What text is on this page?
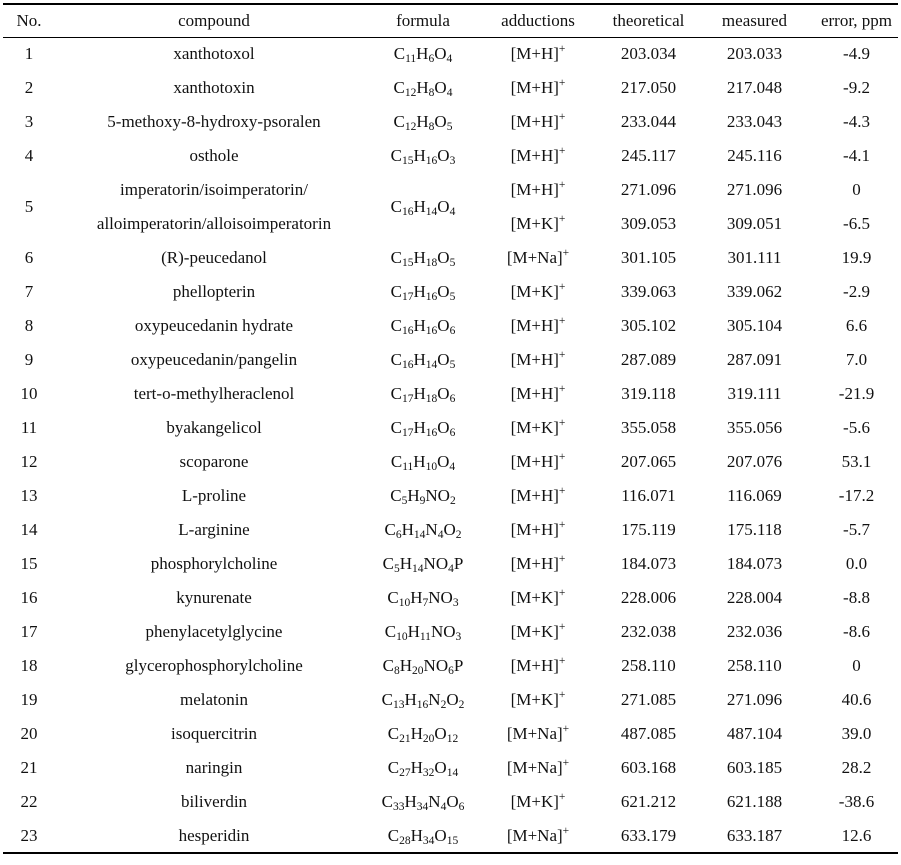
No.	compound	formula	adductions	theoretical	measured	error, ppm
1	xanthotoxol	$C_{11}H_6O_4$	[M+H]+	203.034	203.033	-4.9
2	xanthotoxin	$C_{12}H_8O_4$	[M+H]+	217.050	217.048	-9.2
3	5-methoxy-8-hydroxy-psoralen	$C_{12}H_8O_5$	[M+H]+	233.044	233.043	-4.3
4	osthole	$C_{15}H_{16}O_3$	[M+H]+	245.117	245.116	-4.1
5	imperatorin/isoimperatorin/
alloimperatorin/alloisoimperatorin	$C_{16}H_{14}O_4$	[M+H]+	271.096	271.096	0
			[M+K]+	309.053	309.051	-6.5
6	(R)-peucedanol	$C_{15}H_{18}O_5$	[M+Na]+	301.105	301.111	19.9
7	phellopterin	$C_{17}H_{16}O_5$	[M+K]+	339.063	339.062	-2.9
8	oxypeucedanin hydrate	$C_{16}H_{16}O_6$	[M+H]+	305.102	305.104	6.6
9	oxypeucedanin/pangelin	$C_{16}H_{14}O_5$	[M+H]+	287.089	287.091	7.0
10	tert-o-methylheraclenol	$C_{17}H_{18}O_6$	[M+H]+	319.118	319.111	-21.9
11	byakangelicol	$C_{17}H_{16}O_6$	[M+K]+	355.058	355.056	-5.6
12	scoparone	$C_{11}H_{10}O_4$	[M+H]+	207.065	207.076	53.1
13	L-proline	$C_5H_9NO_2$	[M+H]+	116.071	116.069	-17.2
14	L-arginine	$C_6H_{14}N_4O_2$	[M+H]+	175.119	175.118	-5.7
15	phosphorylcholine	$C_5H_{14}NO_4P$	[M+H]+	184.073	184.073	0.0
16	kynurenate	$C_{10}H_7NO_3$	[M+K]+	228.006	228.004	-8.8
17	phenylacetylglycine	$C_{10}H_{11}NO_3$	[M+K]+	232.038	232.036	-8.6
18	glycerophosphorylcholine	$C_8H_{20}NO_6P$	[M+H]+	258.110	258.110	0
19	melatonin	$C_{13}H_{16}N_2O_2$	[M+K]+	271.085	271.096	40.6
20	isoquercitrin	$C_{21}H_{20}O_{12}$	[M+Na]+	487.085	487.104	39.0
21	naringin	$C_{27}H_{32}O_{14}$	[M+Na]+	603.168	603.185	28.2
22	biliverdin	$C_{33}H_{34}N_4O_6$	[M+K]+	621.212	621.188	-38.6
23	hesperidin	$C_{28}H_{34}O_{15}$	[M+Na]+	633.179	633.187	12.6
